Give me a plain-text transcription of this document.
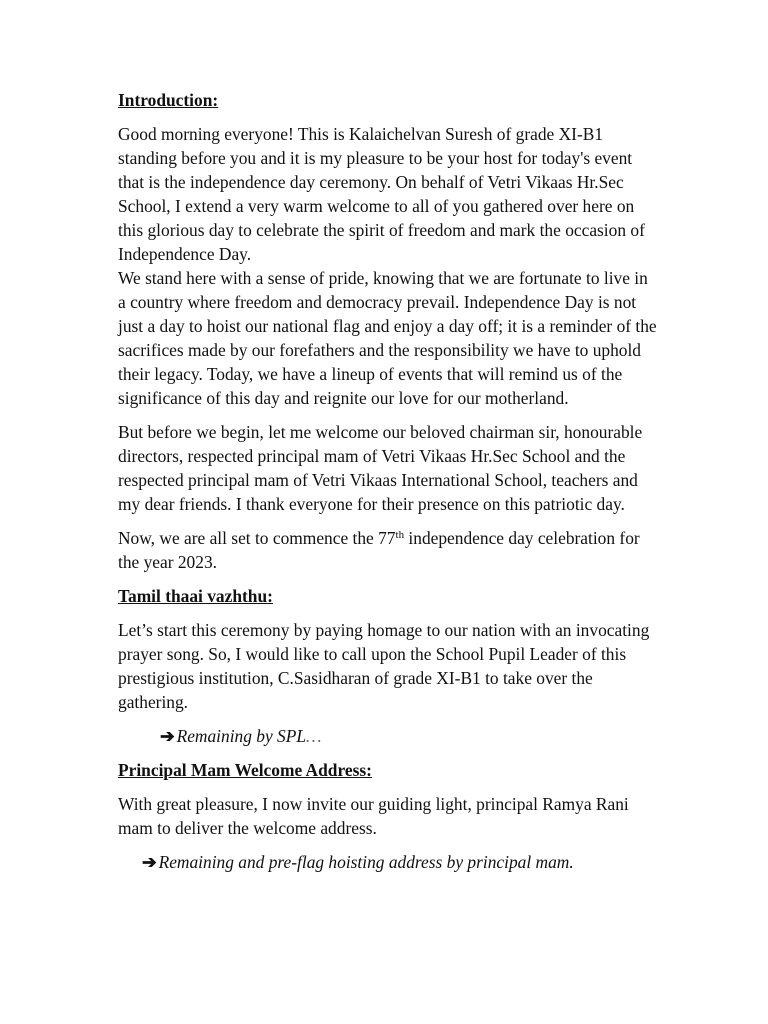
Introduction:

Good morning everyone! This is Kalaichelvan Suresh of grade XI-B1 standing before you and it is my pleasure to be your host for today's event that is the independence day ceremony. On behalf of Vetri Vikaas Hr.Sec School, I extend a very warm welcome to all of you gathered over here on this glorious day to celebrate the spirit of freedom and mark the occasion of Independence Day.

We stand here with a sense of pride, knowing that we are fortunate to live in a country where freedom and democracy prevail. Independence Day is not just a day to hoist our national flag and enjoy a day off; it is a reminder of the sacrifices made by our forefathers and the responsibility we have to uphold their legacy. Today, we have a lineup of events that will remind us of the significance of this day and reignite our love for our motherland.

But before we begin, let me welcome our beloved chairman sir, honourable directors, respected principal mam of Vetri Vikaas Hr.Sec School and the respected principal mam of Vetri Vikaas International School, teachers and my dear friends. I thank everyone for their presence on this patriotic day.

Now, we are all set to commence the 77th independence day celebration for the year 2023.

Tamil thaai vazhthu:

Let’s start this ceremony by paying homage to our nation with an invocating prayer song. So, I would like to call upon the School Pupil Leader of this prestigious institution, C.Sasidharan of grade XI-B1 to take over the gathering.

➔ Remaining by SPL …
Principal Mam Welcome Address:

With great pleasure, I now invite our guiding light, principal Ramya Rani mam to deliver the welcome address.

➔ Remaining and pre-flag hoisting address by principal mam.
